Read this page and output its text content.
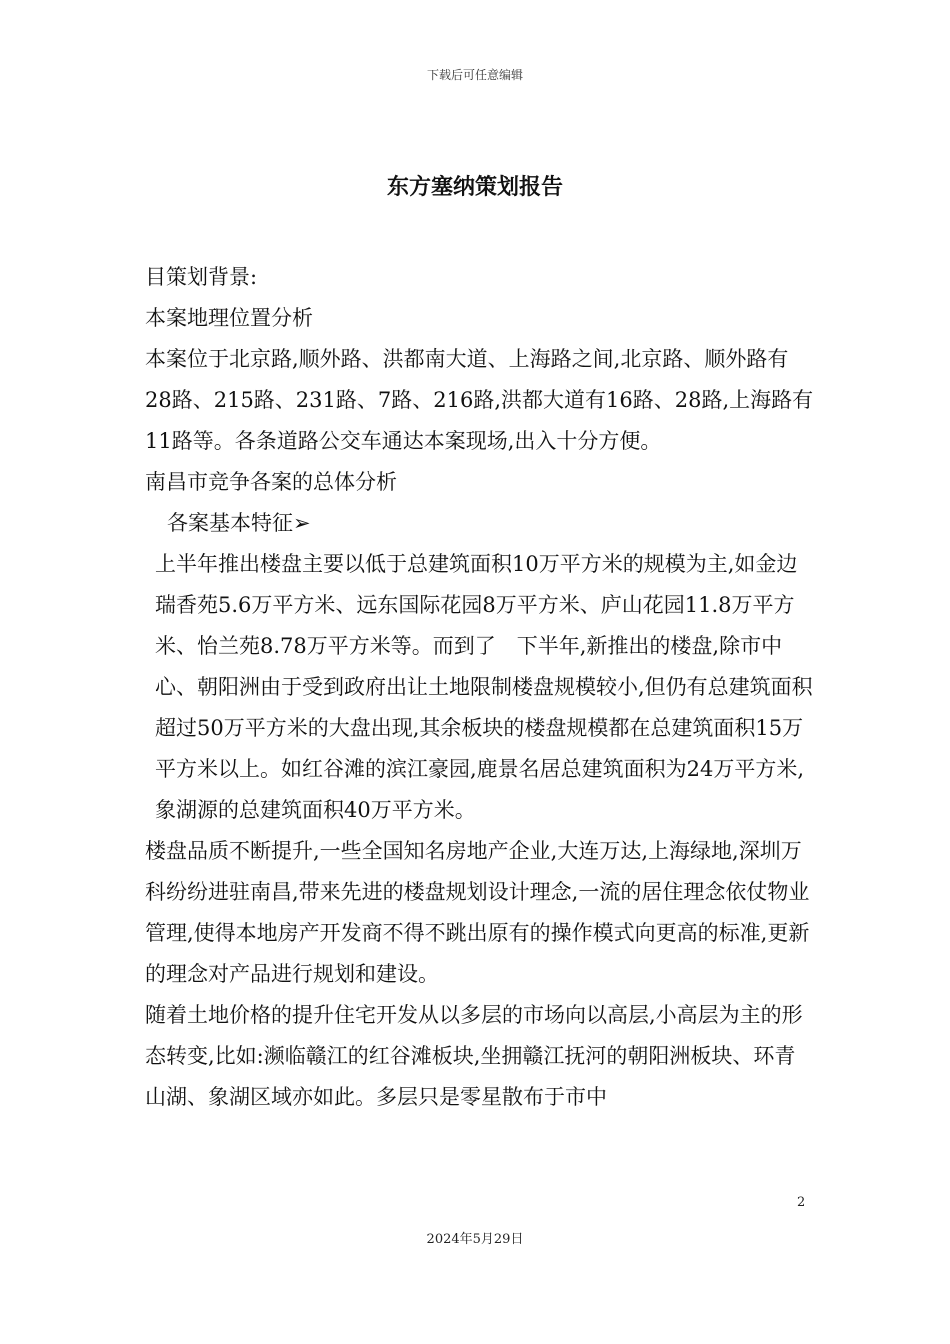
下载后可任意编辑
东方塞纳策划报告

目策划背景:

本案地理位置分析

本案位于北京路,顺外路、洪都南大道、上海路之间,北京路、顺外路有28路、215路、231路、7路、216路,洪都大道有16路、28路,上海路有11路等。各条道路公交车通达本案现场,出入十分方便。

南昌市竞争各案的总体分析

各案基本特征➢

上半年推出楼盘主要以低于总建筑面积10万平方米的规模为主,如金边瑞香苑5.6万平方米、远东国际花园8万平方米、庐山花园11.8万平方米、怡兰苑8.78万平方米等。而到了　下半年,新推出的楼盘,除市中心、朝阳洲由于受到政府出让土地限制楼盘规模较小,但仍有总建筑面积超过50万平方米的大盘出现,其余板块的楼盘规模都在总建筑面积15万平方米以上。如红谷滩的滨江豪园,鹿景名居总建筑面积为24万平方米,象湖源的总建筑面积40万平方米。

楼盘品质不断提升,一些全国知名房地产企业,大连万达,上海绿地,深圳万科纷纷进驻南昌,带来先进的楼盘规划设计理念,一流的居住理念依仗物业管理,使得本地房产开发商不得不跳出原有的操作模式向更高的标准,更新的理念对产品进行规划和建设。

随着土地价格的提升住宅开发从以多层的市场向以高层,小高层为主的形态转变,比如:濒临赣江的红谷滩板块,坐拥赣江抚河的朝阳洲板块、环青山湖、象湖区域亦如此。多层只是零星散布于市中

2
2024年5月29日
